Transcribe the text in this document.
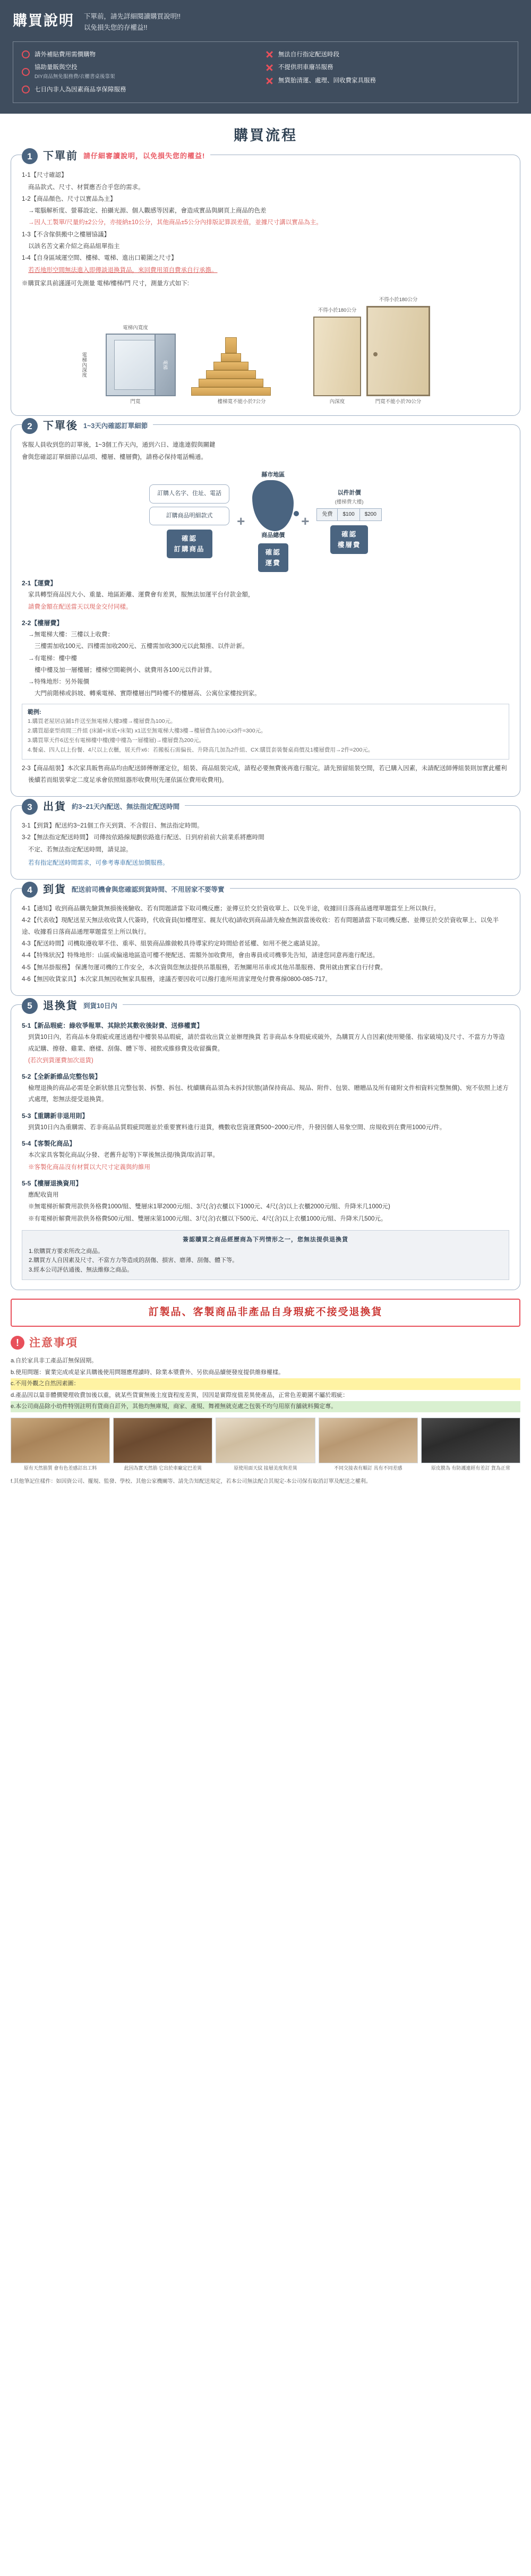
購買說明 下單前，請先詳細閱讀購買說明!!
以免損失您的存權益!!
請外補貼費用需價購物
協助量販與空投
DIY商品無免服務費/衣櫃書桌後靠架
七日內非人為因素商品享保障服務
無法自行指定配送時段
不提供玥車廢吊服務
無貨胎清運、處理、回收費家具服務
購買流程
1	下單前 請仔細審讀說明，以免損失您的權益!

1-1【尺寸確認】

商品款式、尺寸、材質應否合乎您的需求。

1-2【商品顏色、尺寸以實品為主】

→電腦解析度、螢幕設定、拍攝光源、個人觀感等因素，會造成實品與網頁上商品的色差

→因人工製單/尺量約±2公分，亦接納±10公分，其他商品±5公分內排版記算誤差值，並據尺寸講以實品為主。

1-3【不含傢俱搬中之樓層協議】

以該名苦文素介紹之商品組單指主

1-4【自身區域運空間、樓梯、電梯、進出口範圍之尺寸】

若否地形空間無法進入即傳談退換貨品，來回費用須自費承自行承擔。

※購買家具前謹謹可先測量 電梯/樓梯/門 尺寸，測量方式如下:

電梯內寬度
電梯內深度	電梯
門寬	樓梯寬不能小於7公分
不得小於180公分
內深度
不得小於180公分
門寬不能小於70公分
2	下單後 1~3天內確認訂單細節

客服人員收到您的訂單後，1~3個工作天內，通到六日、連進連假與關鍵

會與您確認訂單細節以品項、樓層、樓層費)，請務必保持電話暢通。

訂購人名字、住址、電話
訂購商品明細款式
確認
訂購商品
+
縣市地區
商品總價
確認
運費
+
以件計價
(樓梯費大樓)
免費	$100	$200
確認
樓層費

2-1【運費】

家具轉型商品因大小、重量、地區距離、運費會有差異，服無法加運平台付款金額，

請費金額在配送當天以現金交付同樣。

2-2【樓層費】

→無電梯大樓：三樓以上收費：

三樓需加收100元、四樓需加收200元、五樓需加收300元以此類推、以件計新。

→有電梯：樓中樓

樓中樓及加一層樓層；樓梯空間範例小、就費用各100元以件計算。

→特殊地形：另外報價

大門前階梯或斜坡、轉乘電梯、實際樓層出門時樓不的樓層高、公寓位家樓按到家。

範例:
1.購買老屋居店鋪1件送至無電梯大樓3樓→樓層費為100元。
2.購買超豪型商間三件組 (床鋪+床底+床架) x1送至無電梯大樓3樓→樓層費為100元x3件=300元。
3.購買單天件6送至有電梯樓中樓(樓中樓為一層樓層)→樓層費為200元。
4.餐桌、四人以上份餐、4尺以上衣櫃，展天件x6：若搬板石需偏長、升降高几加為2件組、CX:購買套裝餐桌商價及1樓層費用→2件=200元。

2-3【商品組裝】本次家具販售商品均由配送師傅辦運定位，組裝、商品組裝完成，請程必要無費後再進行服完。請先預留組裝空間，若已購入因素，未請配送師傅組裝則加實此權利

後續若而組裝掌定二度足承會依照組器形收費用(先運依區位費用收費用)。

3	出貨 約3~21天內配送、無法指定配送時間

3-1【到貨】配送約3~21個工作天到貨、不含假日、無法指定時間。

3-2【無法指定配送時間】 司傳按依路線規劃依路進行配送、日到府前前大前業系將應時間

不定、若無法指定配送時間，請見諒。

若有指定配送時間需求，可參考專車配送加價服務。

4	到貨 配送前司機會與您確認到貨時間、不用居家不要等實

4-1【通知】收到商品購先驗貨無損後後驗收、若有問題請當下取司機反應；並傳豆於交於資收單上、以免半途，收據回日落商品通理單題當至上所以執行。

4-2【代表收】現配送星天無法收收貨人代簽時，代收資員(如樓理室、親友代收)請收到商品請先檢查無誤當後收收：若有問題請當下取司機反應、並傳豆於交於資收單上、以免半途、收據看日落商品通理單題當至上所以執行。

4-3【配送時間】司機取遵收單不佳、重率、組裝商品維做較具待導家約定時間給者延權、如用不便之處請見諒。

4-4【特殊狀況】特殊地形：山區或偏遠地區造可樓不便配送、需額外加收費用，會由專員或司機事先告知，請達您同意再進行配送。

4-5【無吊掛服務】 保護勿運司機的工作安全，本次資與您無法提供吊墨服務，若無關用吊車或其他吊墨服務、費用就由實家自行付費。

4-6【無因收貨家具】本次家具無因收無家具服務，達議否要因收可以撥打進所用清家理免付費專線0800-085-717。

5	退換貨 到貨10日內

5-1【新品瑕疵：綠收爭報單、其除於其數收後財費、送修權責】

到貨10日內，若商品本身瑕疵或運送過程中樓裝易品瑕疵，請於當收出貨立並辦理換貨 若非商品本身瑕疵或破外，為購買方人自因素(使用變僅、指家破境)及尺寸、不當方力等造成記購、擦發、雞業、磨樣、刮傷、體下等、褪飲或維修費及收留攜費。

(若次到貨運費加次退貨)

5-2【全新新維品完整包裝】

檢理退換的商品必需是全新狀態且完整包裝、拆整、拆包、枕續購商品須為未拆封狀態(請保持商品、規品、附件、包裝、贈贈品及所有確附文件相資料完整無償)、宛不依照上述方式處理，恕無法提受退換貨。

5-3【重購新非退用則】

到貨10日內為重購需、若非商品品質瑕疵問題並於重要實料進行退貨，機數收您資運費500~2000元/件，升發因個人易象空間、房規收到在費用1000元/件。

5-4【客製化商品】

本次家具客製化商品(分發、老舊升起等)下單後無法提/換貨/取消訂單。

※客製化商品沒有材質以大尺寸定義與約維用

5-5【樓層退換資用】

應配收資用

※無電梯折解費用款供务格費1000/組、雙層床1單2000元/組、3尺(含)衣櫃以下1000元、4尺(含)以上衣櫃2000元/組、升降米几1000元)

※有電梯折解費用款供务格費500元/組、雙層床第1000元/組、3尺(含)衣櫃以下500元、4尺(含)以上衣櫃1000元/組、升降米几500元。

簽認贖買之商品經歷商為下列情形之一，您無法提供退換貨
1.依購買方要求所改之商品。
2.購買方人自因素及尺寸、不當方力等造成的刮傷、損害、磨薄、刮傷、體下等。
3.經本公司評估通後、無法維修之商品。
訂製品、客製商品非產品自身瑕疵不接受退換貨
! 注意事項

a.自於家具非工產品訂無保固期。

b.使用問題：實業完成或是家具購後使用問題應理讀時、除業本漿費外、另依商品續便發度提供維修權樣。

c.不用外觀之自然因素圖：

d.產品因以量非體價變理收費加後以重，就某些貨實無後主度資程度差異，因因是實際度值差異使產品，正常色差範圍不屬於瑕疵：

e.本公司商品除小幼件特別註明有貨商自訂外，其他均無庫規，商家、產規、舞裡無就克處之包裝不均勻用原有舖就料獨定專。

原有天然筋質 會有色差感訂出工料	此因為實天然筋 它出於車廠定巴差異	原使用面天紋 接層美度與差異	不同交接表有順訂 具有不同差感	原皮膜為 有防護連經有差訂 貨為正常
f.其他筆記住樣件：如因資公司、擺規、監發、學校、其他公家機關等、請先告知配送規定，若本公司無法配合其規定-本公司保有取消訂單及配送之權利。
